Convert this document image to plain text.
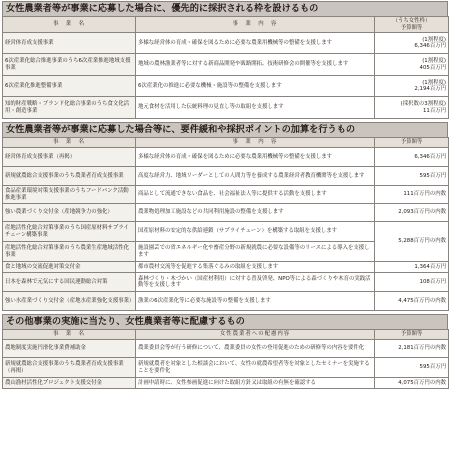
女性農業者等が事業に応募した場合に、優先的に採択される枠を設けるもの
事　業　名	事　業　内　容	（うち女性枠）
予算額等

経営体育成支援事業	多様な経営体の育成・確保を図るために必要な農業用機械等の整備を支援します	(1割程度)
6,346百万円

6次産業化総合推進事業のうち6次産業推進地域支援事業	地域の農林漁業者等に対する新商品開発や販路開拓、技術研修会の開催等を支援します	(1割程度)
405百万円

6次産業化推進整備事業	6次産業化の推進に必要な機械・施設等の整備を支援します	(1割程度)
2,194百万円

知的財産戦略・ブランド化総合事業のうち食文化活用・創造事業	地元食材を活用した伝統料理の見直し等の取組を支援します	(採択数の3割程度)
11百万円
女性農業者等が事業に応募した場合等に、要件緩和や採択ポイントの加算を行うもの
事　業　名	事　業　内　容	予算額等
経営体育成支援事業（再掲）	多様な経営体の育成・確保を図るために必要な農業用機械等の整備を支援します	6,346百万円
新規就農総合支援事業のうち農業者育成支援事業	高度な経営力、地域リーダーとしての人間力等を養成する農業経営者教育機関等を支援します	595百万円
食品産業環境対策支援事業のうちフードバンク活動推進事業	商品として流通できない食品を、社会福祉法人等に提供する活動を支援します	111百万円の内数
強い農業づくり交付金（産地競争力の強化）	農業物処理加工施設などの共同利用施設の整備を支援します	2,093百万円の内数
産地活性化総合対策事業のうち国産原材料サプライチェーン構築事業	国産原材料の安定的な供給連鎖（サプライチェーン）を構築する取組を支援します	5,288百万円の内数
産地活性化総合対策事業のうち農業生産地域活性化事業	施設園芸での省エネルギー化や畜産分野の新規就農に必要な設備等のリースによる導入を支援します	
食と地域の交流促進対策交付金	都市農村交流等を促進する集落ぐるみの取組を支援します	1,364百万円
日本を森林で元気にする国民運動総合対策	森林づくり・木づかい（国産材利用）に対する普及啓発、NPO等による森づくりや木育の実践活動等を支援します	108百万円
強い水産業づくり交付金（産地水産業強化支援事業）	漁業の6次産業化等に必要な施設等の整備を支援します	4,475百万円の内数
その他事業の実施に当たり、女性農業者等に配慮するもの
事　業　名	女性農業者への配慮内容	予算額等
農地制度実施円滑化事業費補助金	農業委員会等が行う研修について、農業委員の女性の登用促進のための研修等の内容を要件化	2,181百万円の内数
新規就農総合支援事業のうち農業者育成支援事業（再掲）	新規就農者を対象とした相談会において、女性の就農希望者等を対象としたセミナーを実施することを要件化	595百万円
農山漁村活性化プロジェクト支援交付金	計画申請時に、女性参画促進に向けた取組方針又は取組の有無を確認する	4,075百万円の内数
